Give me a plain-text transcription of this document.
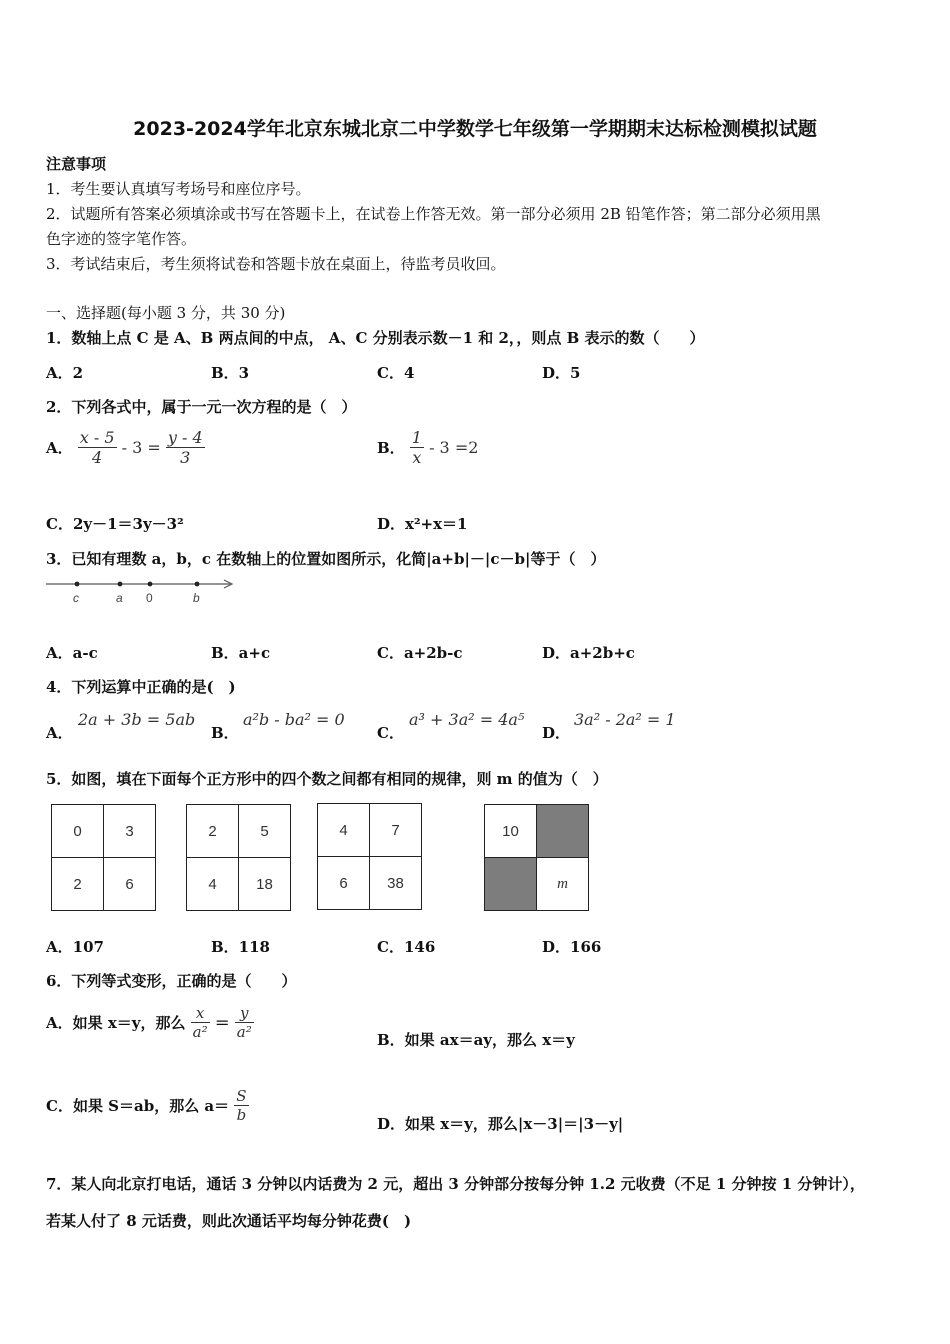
2023-2024学年北京东城北京二中学数学七年级第一学期期末达标检测模拟试题
注意事项
1．考生要认真填写考场号和座位序号。
2．试题所有答案必须填涂或书写在答题卡上，在试卷上作答无效。第一部分必须用 2B 铅笔作答；第二部分必须用黑
色字迹的签字笔作答。
3．考试结束后，考生须将试卷和答题卡放在桌面上，待监考员收回。
一、选择题(每小题 3 分，共 30 分)
1．数轴上点 C 是 A、B 两点间的中点， A、C 分别表示数－1 和 2，，则点 B 表示的数（　　）
A．2	B．3	C．4	D．5
2．下列各式中，属于一元一次方程的是（　）
A． $\frac{x - 5}{4} - 3 = \frac{y - 4}{3}$	B． $\frac{1}{x} - 3 =2$
C．2y－1＝3y－3²	D．x²+x＝1
3．已知有理数 a，b，c 在数轴上的位置如图所示，化简|a+b|－|c－b|等于（　）
c	a 0	b
A．a-c	B．a+c	C．a+2b-c	D．a+2b+c
4．下列运算中正确的是(　)
A．
2a + 3b = 5ab
B．
a²b - ba² = 0
C．
a³ + 3a² = 4a⁵
D．
3a² - 2a² = 1
5．如图，填在下面每个正方形中的四个数之间都有相同的规律，则 m 的值为（　）
0	3
2	6
2	5
4	18
4	7
6	38
10	
	m
A．107	B．118	C．146	D．166
6．下列等式变形，正确的是（　　）
A．如果 x＝y，那么 $\frac{x}{\text{a²}} = \frac{y}{\text{a²}}$	B．如果 ax＝ay，那么 x＝y
C．如果 S＝ab，那么 $a= \frac{S}{b}$	D．如果 x＝y，那么|x－3|＝|3－y|
7．某人向北京打电话，通话 3 分钟以内话费为 2 元，超出 3 分钟部分按每分钟 1.2 元收费（不足 1 分钟按 1 分钟计），
若某人付了 8 元话费，则此次通话平均每分钟花费(　)
